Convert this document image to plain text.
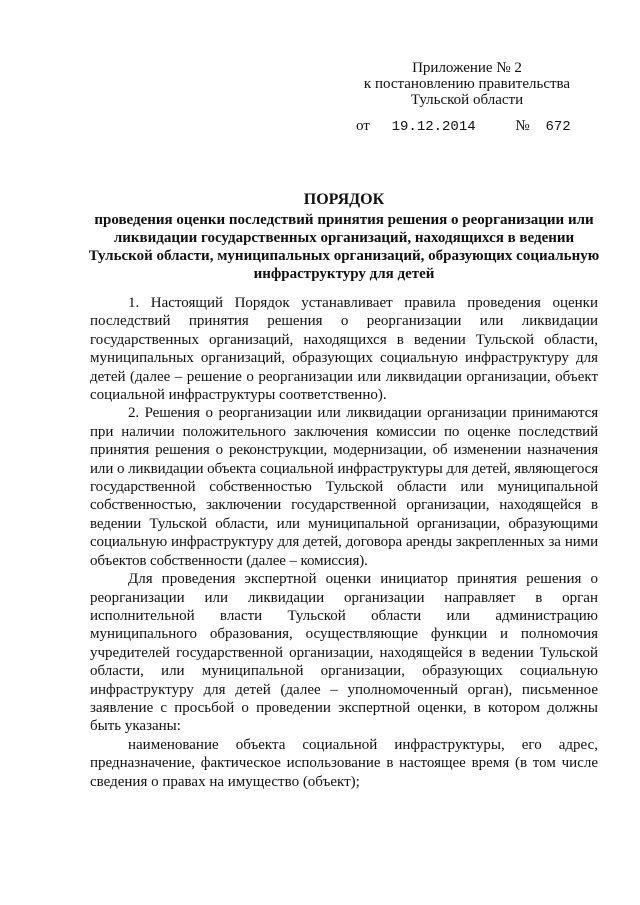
Приложение № 2
к постановлению правительства
Тульской области
от 19.12.2014	№ 672
ПОРЯДОК
проведения оценки последствий принятия решения о реорганизации или ликвидации государственных организаций, находящихся в ведении Тульской области, муниципальных организаций, образующих социальную инфраструктуру для детей

1. Настоящий Порядок устанавливает правила проведения оценки последствий принятия решения о реорганизации или ликвидации государственных организаций, находящихся в ведении Тульской области, муниципальных организаций, образующих социальную инфраструктуру для детей (далее – решение о реорганизации или ликвидации организации, объект социальной инфраструктуры соответственно).

2. Решения о реорганизации или ликвидации организации принимаются при наличии положительного заключения комиссии по оценке последствий принятия решения о реконструкции, модернизации, об изменении назначения или о ликвидации объекта социальной инфраструктуры для детей, являющегося государственной собственностью Тульской области или муниципальной собственностью, заключении государственной организации, находящейся в ведении Тульской области, или муниципальной организации, образующими социальную инфраструктуру для детей, договора аренды закрепленных за ними объектов собственности (далее – комиссия).

Для проведения экспертной оценки инициатор принятия решения о реорганизации или ликвидации организации направляет в орган исполнительной власти Тульской области или администрацию муниципального образования, осуществляющие функции и полномочия учредителей государственной организации, находящейся в ведении Тульской области, или муниципальной организации, образующих социальную инфраструктуру для детей (далее – уполномоченный орган), письменное заявление с просьбой о проведении экспертной оценки, в котором должны быть указаны:

наименование объекта социальной инфраструктуры, его адрес, предназначение, фактическое использование в настоящее время (в том числе сведения о правах на имущество (объект);
